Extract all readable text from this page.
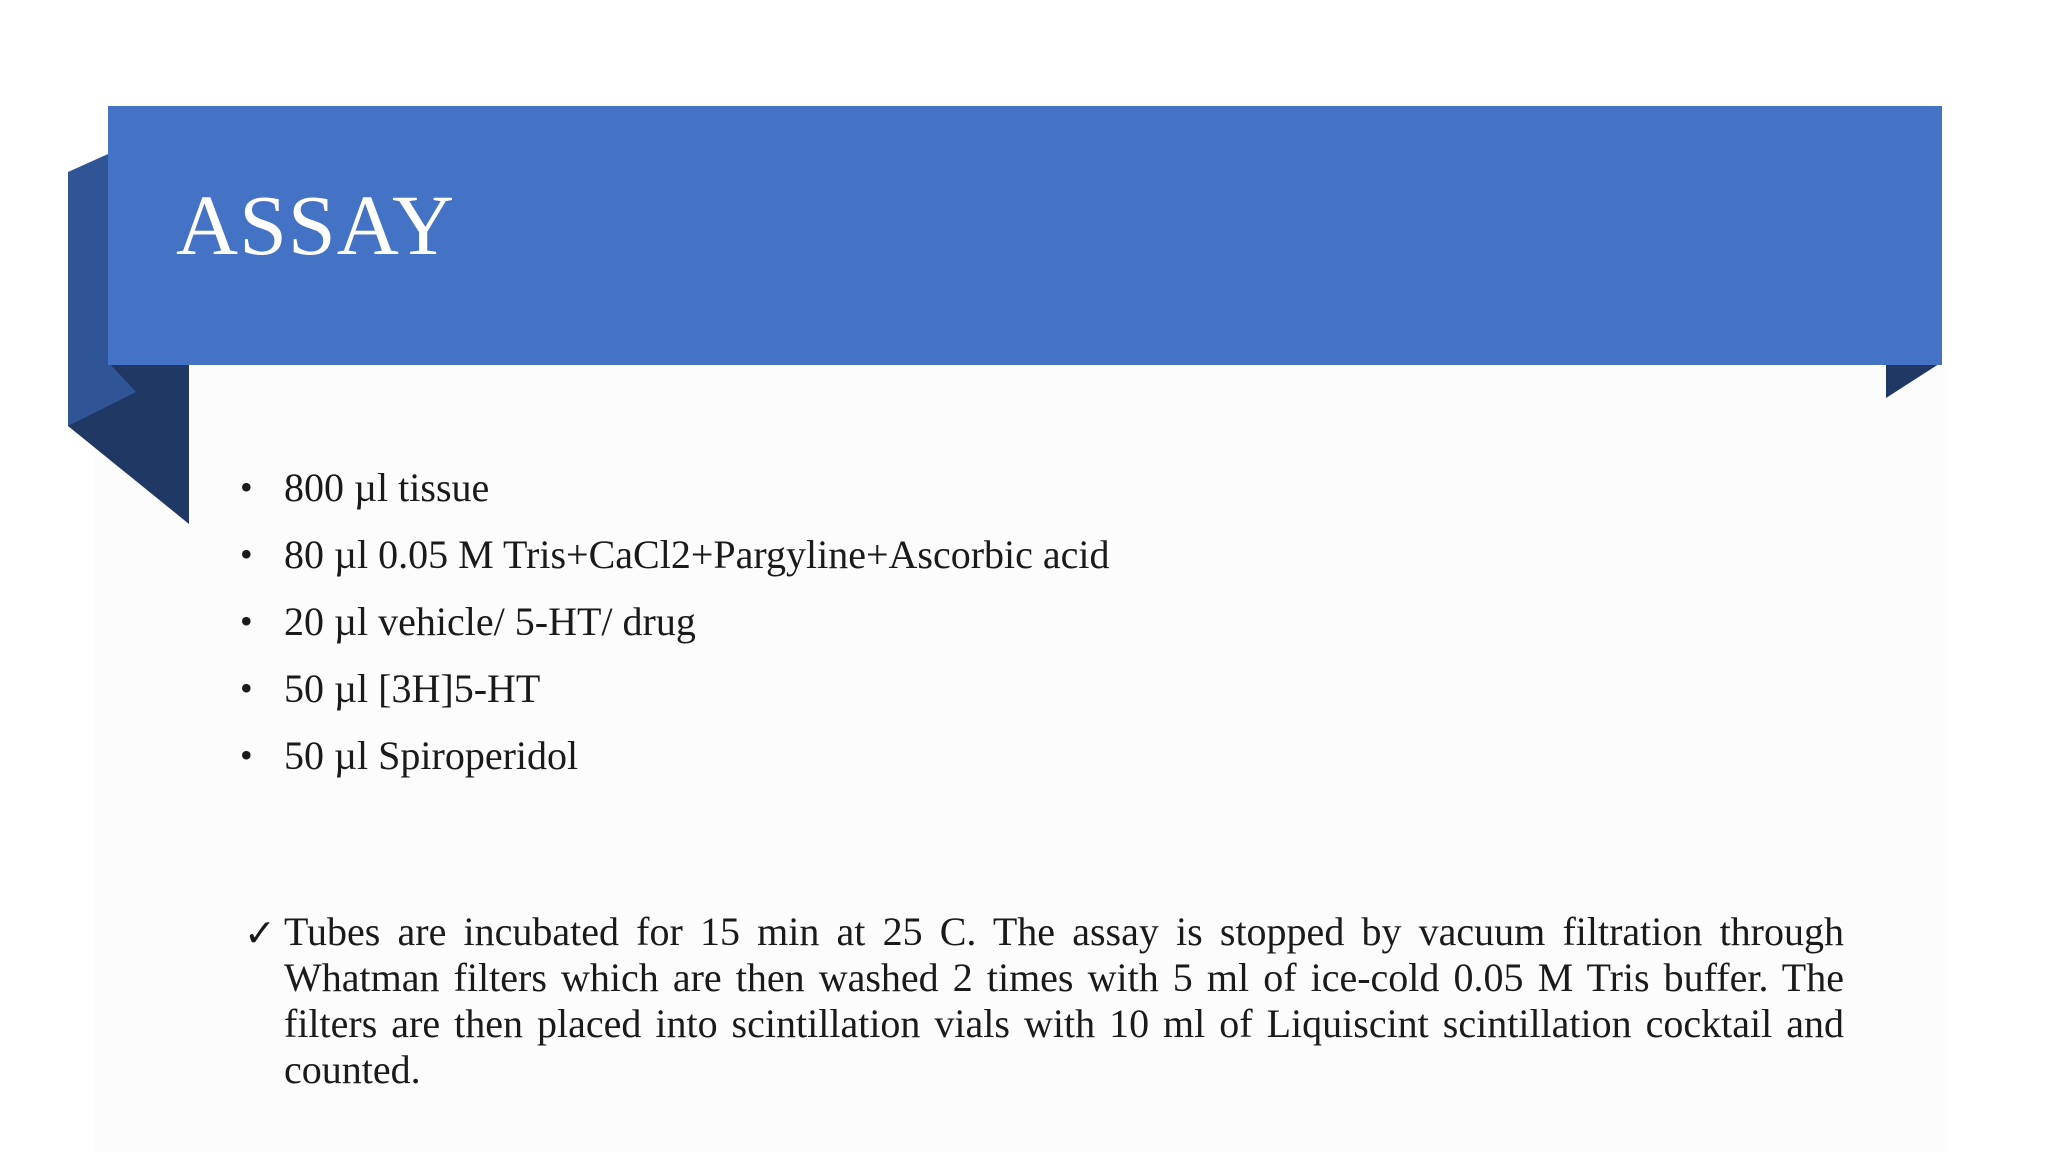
ASSAY
• 800 µl tissue
• 80 µl 0.05 M Tris+CaCl2+Pargyline+Ascorbic acid
• 20 µl vehicle/ 5-HT/ drug
• 50 µl [3H]5-HT
• 50 µl Spiroperidol
✓ Tubes are incubated for 15 min at 25 C. The assay is stopped by vacuum filtration through Whatman filters which are then washed 2 times with 5 ml of ice-cold 0.05 M Tris buffer. The filters are then placed into scintillation vials with 10 ml of Liquiscint scintillation cocktail and counted.
